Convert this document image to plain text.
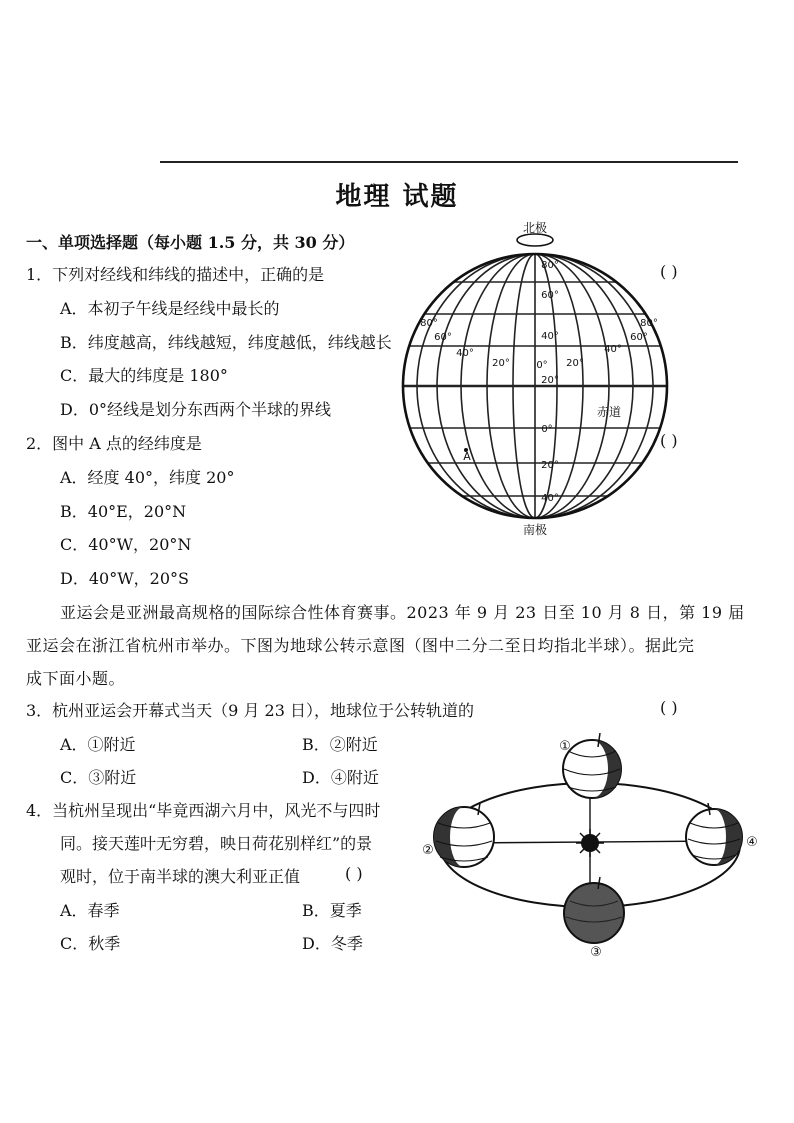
地理 试题
一、单项选择题（每小题 1.5 分，共 30 分）
1．下列对经线和纬线的描述中，正确的是	( )
A．本初子午线是经线中最长的
B．纬度越高，纬线越短，纬度越低，纬线越长
C．最大的纬度是 180°
D．0°经线是划分东西两个半球的界线
2．图中 A 点的经纬度是	( )
A．经度 40°，纬度 20°
B．40°E，20°N
C．40°W，20°N
D．40°W，20°S
亚运会是亚洲最高规格的国际综合性体育赛事。2023 年 9 月 23 日至 10 月 8 日，第 19 届
亚运会在浙江省杭州市举办。下图为地球公转示意图（图中二分二至日均指北半球）。据此完
成下面小题。
3．杭州亚运会开幕式当天（9 月 23 日），地球位于公转轨道的	( )
A．①附近	B．②附近
C．③附近	D．④附近
4．当杭州呈现出“毕竟西湖六月中，风光不与四时
同。接天莲叶无穷碧，映日荷花别样红”的景
观时，位于南半球的澳大利亚正值	( )
A．春季	B．夏季
C．秋季	D．冬季
北极
南极
赤道
80°
60°
40°
20°
0°
20°
40°
80°
60°
40°
20°	0° 20°
40°
60°
80°
A
①
②
③
④
